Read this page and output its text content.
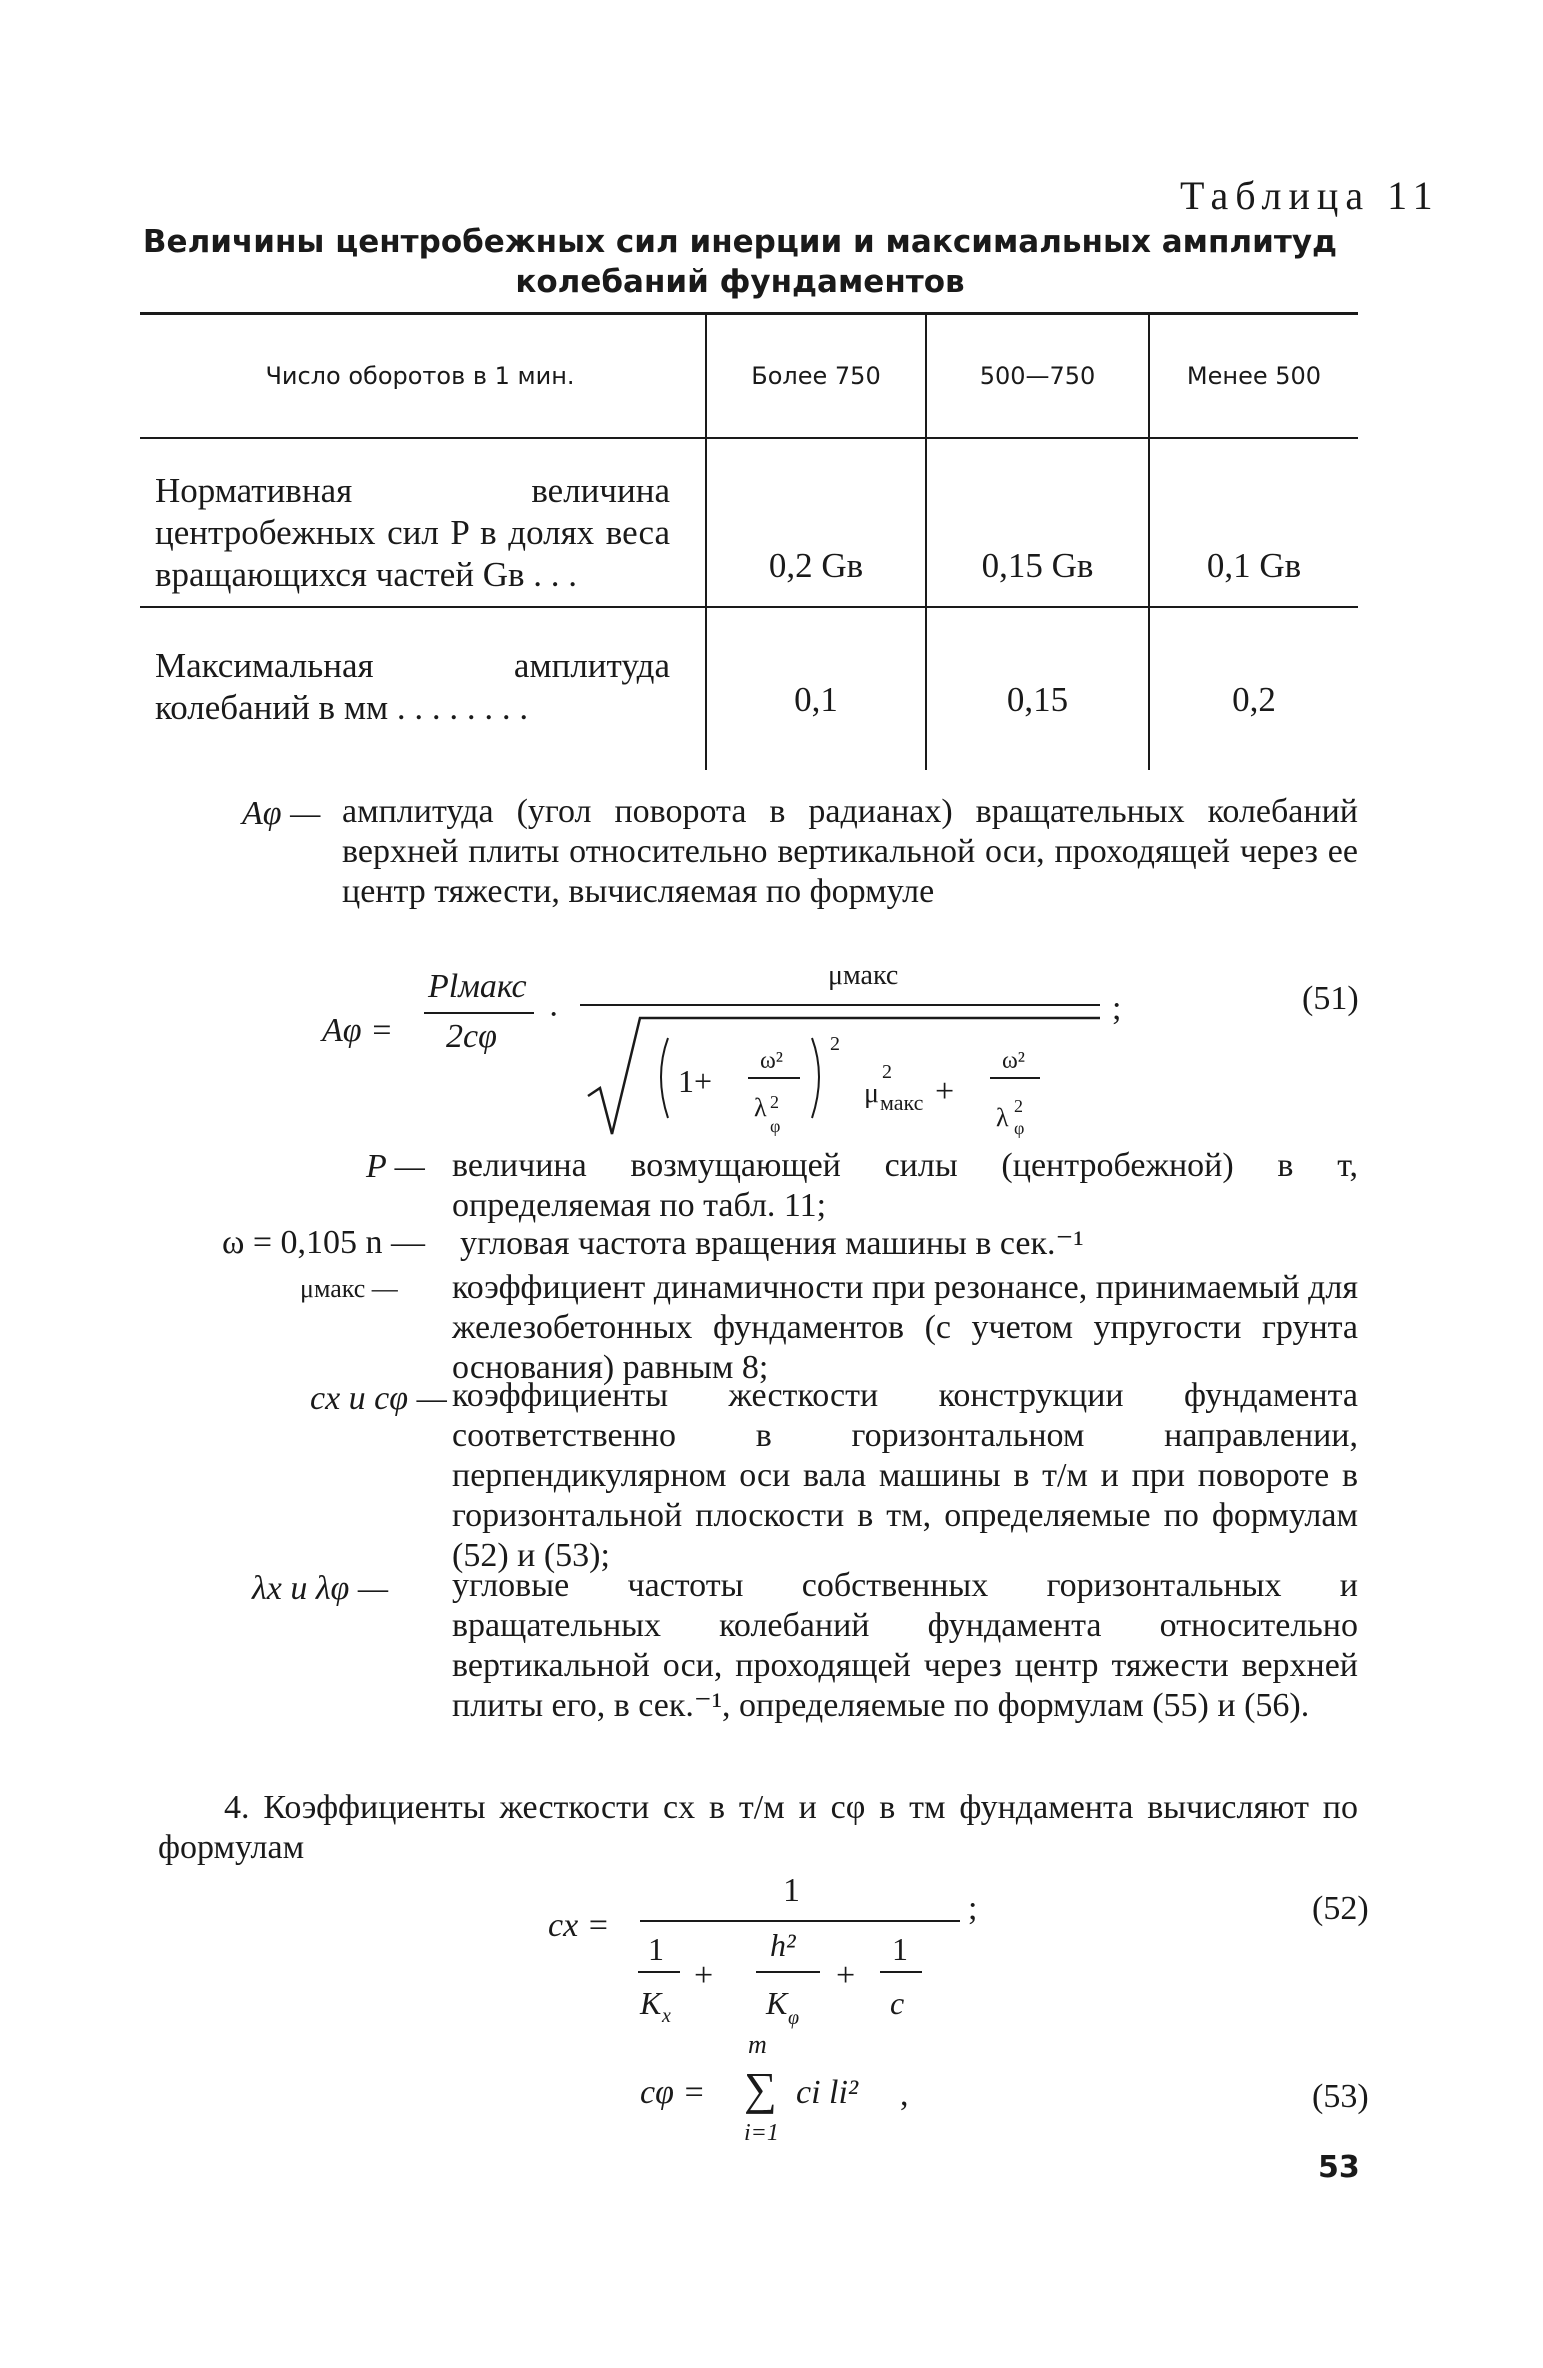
Таблица 11
Величины центробежных сил инерции и максимальных амплитуд
колебаний фундаментов
Число оборотов в 1 мин.	Более 750	500—750	Менее 500
Нормативная величина центробежных сил P в долях веса вращающихся частей Gв . . .	0,2 Gв	0,15 Gв	0,1 Gв
Максимальная амплитуда колебаний в мм . . . . . . . .	0,1	0,15	0,2
Aφ — амплитуда (угол поворота в радианах) вращательных колебаний верхней плиты относительно вертикальной оси, проходящей через ее центр тяжести, вычисляемая по формуле
Aφ =
Plмакс
2cφ
·
μмакс
1+
ω²
λ 2
φ
2
μ макс
2
+
ω²
λ 2
φ
;	(51)
P — величина возмущающей силы (центробежной) в т, определяемая по табл. 11;
ω = 0,105 n — угловая частота вращения машины в сек.⁻¹
μмакс — коэффициент динамичности при резонансе, принимаемый для железобетонных фундаментов (с учетом упругости грунта основания) равным 8;
cx и cφ — коэффициенты жесткости конструкции фундамента соответственно в горизонтальном направлении, перпендикулярном оси вала машины в т/м и при повороте в горизонтальной плоскости в тм, определяемые по формулам (52) и (53);
λx и λφ — угловые частоты собственных горизонтальных и вращательных колебаний фундамента относительно вертикальной оси, проходящей через центр тяжести верхней плиты его, в сек.⁻¹, определяемые по формулам (55) и (56).
4. Коэффициенты жесткости cx в т/м и cφ в тм фундамента вычисляют по формулам
cx =
1
1
K x
+
h²
K φ
+
1
c
;	(52)
cφ =
m
∑
i=1
ci li² ,	(53)
53
